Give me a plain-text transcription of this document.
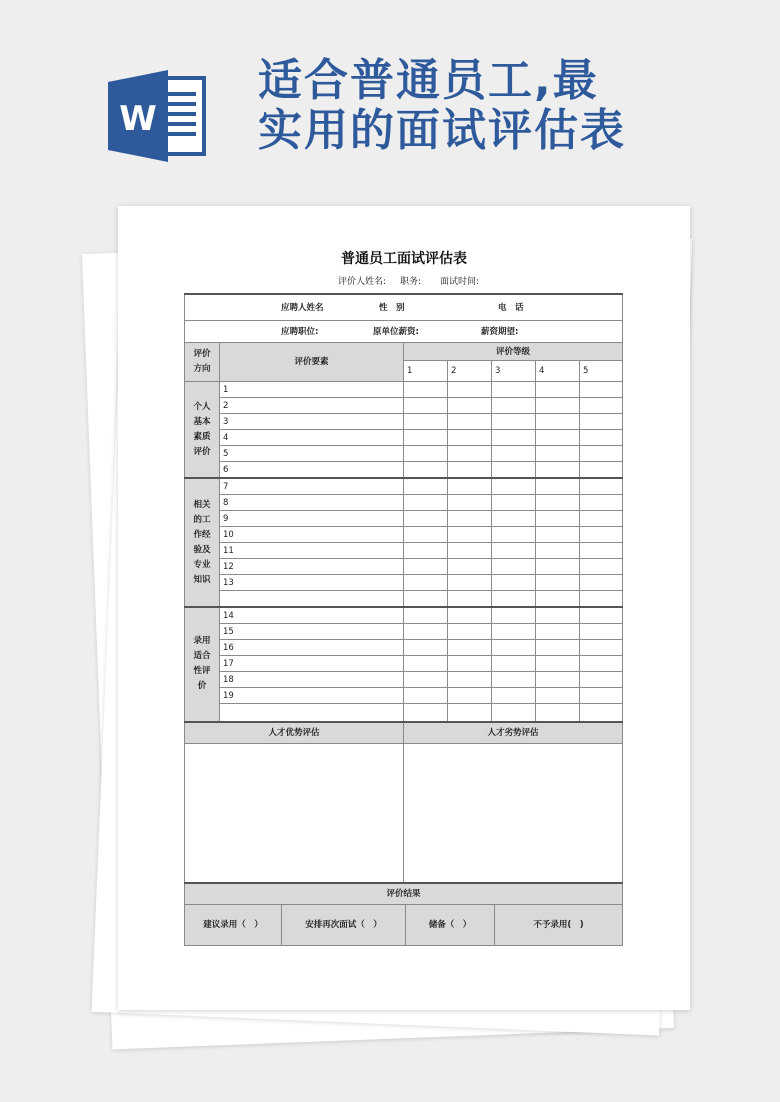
W
适合普通员工,最
实用的面试评估表
普通员工面试评估表
评价人姓名: 职务: 面试时间:
应聘人姓名 性　别 电　话						

应聘职位: 原单位薪资: 薪资期望:						

评价方向	评价要素	评价等级				
		1	2	3	4	5
个人基本素质评价	1					
	2					
	3					
	4					
	5					
	6					
相关的工作经验及专业知识	7					
	8					
	9					
	10					
	11					
	12					
	13					

录用适合性评价	14					
	15					
	16					
	17					
	18					
	19					

人才优势评估		人才劣势评估				

评价结果						

建议录用（　） 安排再次面试（　） 储备（　） 不予录用(　)						
